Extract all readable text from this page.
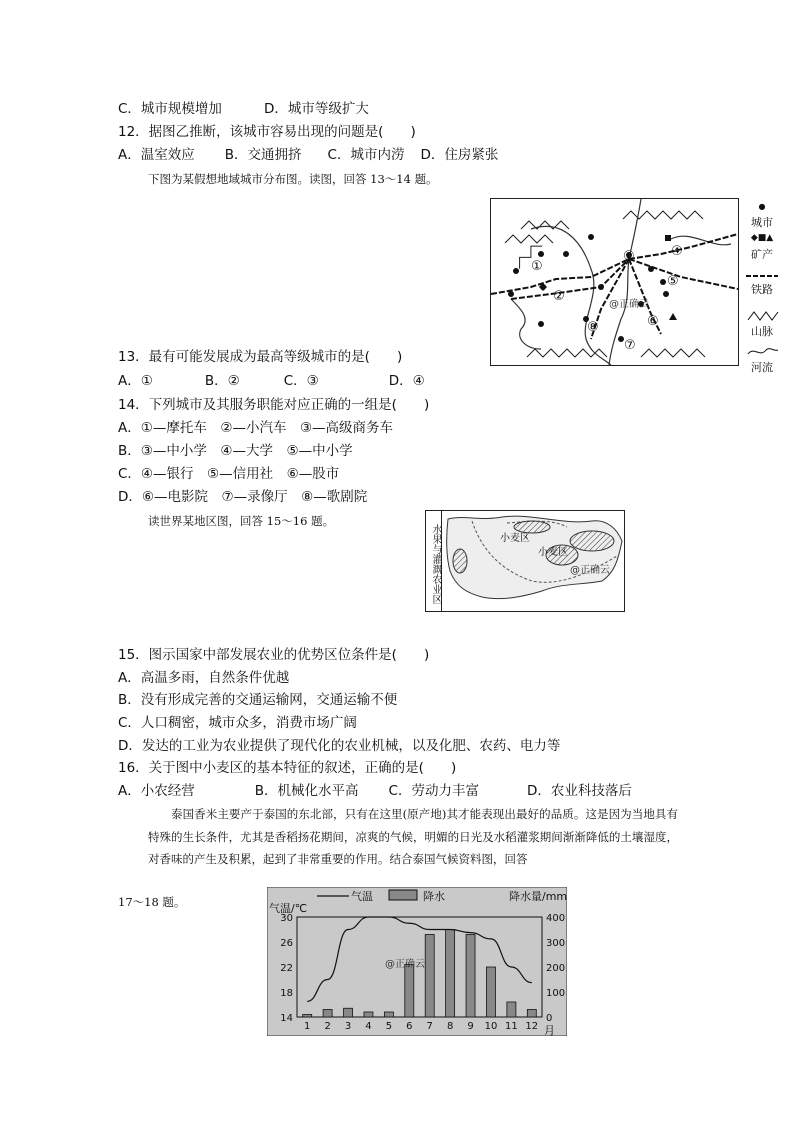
C．城市规模增加	D．城市等级扩大
12．据图乙推断，该城市容易出现的问题是(　　)
A．温室效应 B．交通拥挤 C．城市内涝 D．住房紧张
下图为某假想地域城市分布图。读图，回答 13～14 题。
①
②
③	④
⑤
⑥
⑦
⑧
@正确云
●
城市
◆■▲
矿产
铁路
山脉
河流
13．最有可能发展成为最高等级城市的是(　　)
A．①	B．②	C．③	D．④
14．下列城市及其服务职能对应正确的一组是(　　)
A．①—摩托车　②—小汽车　③—高级商务车
B．③—中小学　④—大学　⑤—中小学
C．④—银行　⑤—信用社　⑥—股市
D．⑥—电影院　⑦—录像厅　⑧—歌剧院
读世界某地区图，回答 15～16 题。
水果与灌溉农业区	小麦区
小麦区
@正确云
15．图示国家中部发展农业的优势区位条件是(　　)
A．高温多雨，自然条件优越
B．没有形成完善的交通运输网，交通运输不便
C．人口稠密，城市众多，消费市场广阔
D．发达的工业为农业提供了现代化的农业机械，以及化肥、农药、电力等
16．关于图中小麦区的基本特征的叙述，正确的是(　　)
A．小农经营	B．机械化水平高 C．劳动力丰富	D．农业科技落后
泰国香米主要产于泰国的东北部，只有在这里(原产地)其才能表现出最好的品质。这是因为当地具有特殊的生长条件，尤其是香稻扬花期间，凉爽的气候，明媚的日光及水稻灌浆期间渐渐降低的土壤湿度，对香味的产生及积累，起到了非常重要的作用。结合泰国气候资料图，回答
17～18 题。	气温	降水
气温/℃
降水量/mm
月
1 2 3 4 5 6 7 8 9 10 11 12
14
18
22
26
30
0
100
200
300
400
@正确云
